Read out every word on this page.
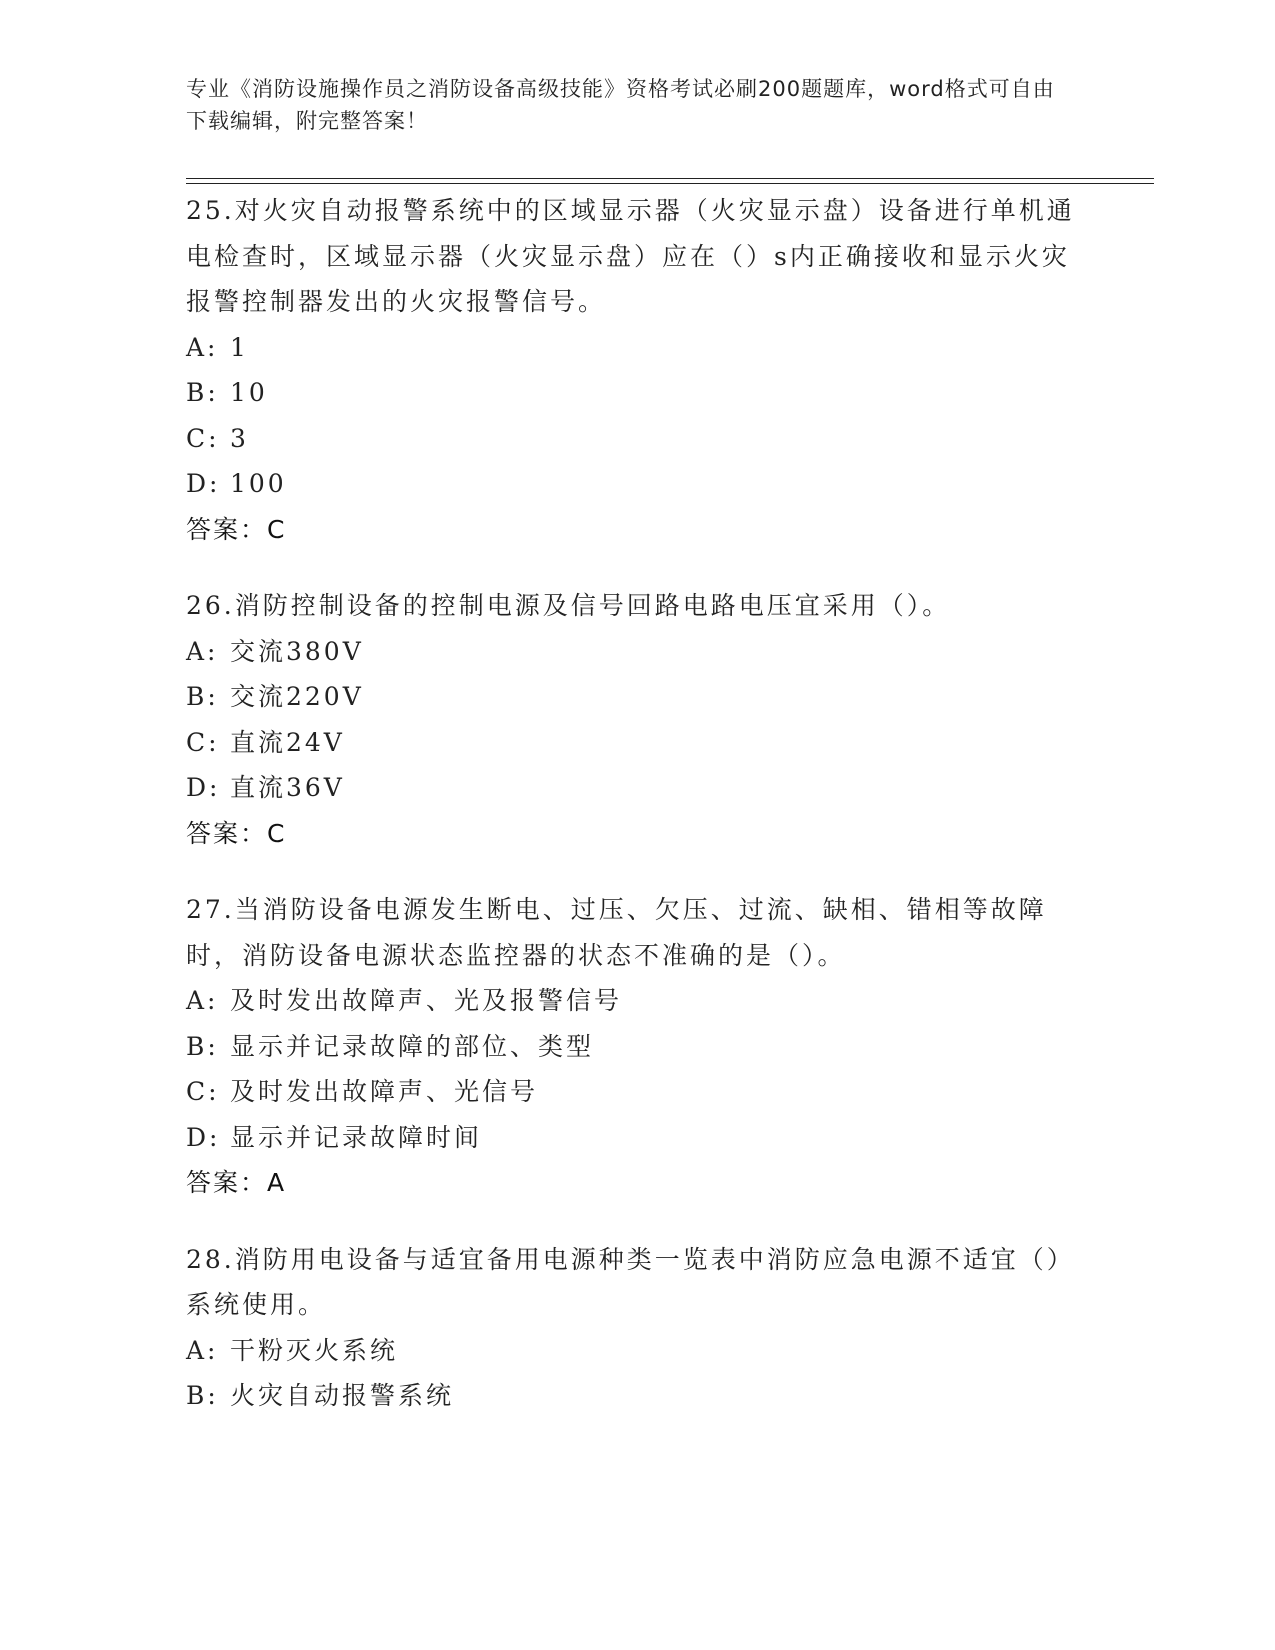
专业《消防设施操作员之消防设备高级技能》资格考试必刷200题题库，word格式可自由下载编辑，附完整答案！

25.对火灾自动报警系统中的区域显示器（火灾显示盘）设备进行单机通电检查时，区域显示器（火灾显示盘）应在（）s内正确接收和显示火灾报警控制器发出的火灾报警信号。

A: 1

B: 10

C: 3

D: 100

答案：C

26.消防控制设备的控制电源及信号回路电路电压宜采用（）。

A: 交流380V

B: 交流220V

C: 直流24V

D: 直流36V

答案：C

27.当消防设备电源发生断电、过压、欠压、过流、缺相、错相等故障时，消防设备电源状态监控器的状态不准确的是（）。

A: 及时发出故障声、光及报警信号

B: 显示并记录故障的部位、类型

C: 及时发出故障声、光信号

D: 显示并记录故障时间

答案：A

28.消防用电设备与适宜备用电源种类一览表中消防应急电源不适宜（）系统使用。

A: 干粉灭火系统

B: 火灾自动报警系统
